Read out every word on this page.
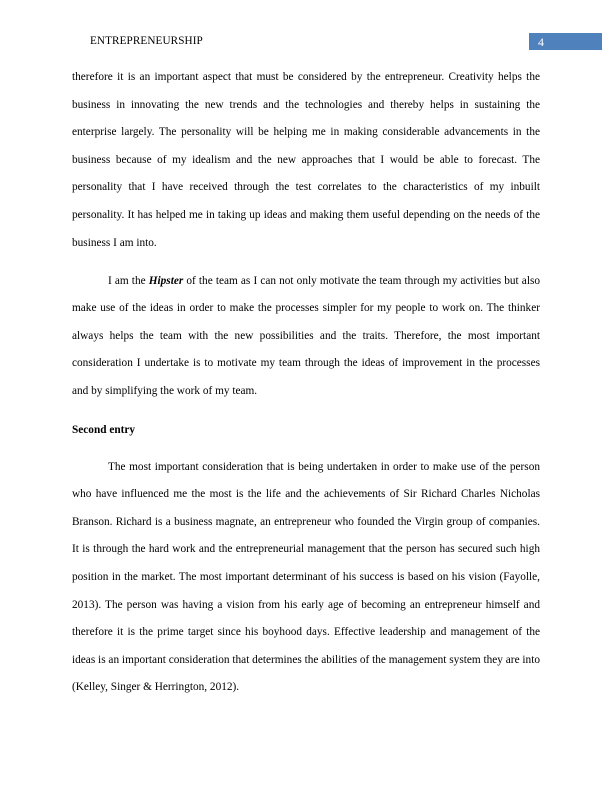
ENTREPRENEURSHIP	4

therefore it is an important aspect that must be considered by the entrepreneur. Creativity helps the business in innovating the new trends and the technologies and thereby helps in sustaining the enterprise largely. The personality will be helping me in making considerable advancements in the business because of my idealism and the new approaches that I would be able to forecast. The personality that I have received through the test correlates to the characteristics of my inbuilt personality. It has helped me in taking up ideas and making them useful depending on the needs of the business I am into.

I am the Hipster of the team as I can not only motivate the team through my activities but also make use of the ideas in order to make the processes simpler for my people to work on. The thinker always helps the team with the new possibilities and the traits. Therefore, the most important consideration I undertake is to motivate my team through the ideas of improvement in the processes and by simplifying the work of my team.

Second entry

The most important consideration that is being undertaken in order to make use of the person who have influenced me the most is the life and the achievements of Sir Richard Charles Nicholas Branson. Richard is a business magnate, an entrepreneur who founded the Virgin group of companies. It is through the hard work and the entrepreneurial management that the person has secured such high position in the market. The most important determinant of his success is based on his vision (Fayolle, 2013). The person was having a vision from his early age of becoming an entrepreneur himself and therefore it is the prime target since his boyhood days. Effective leadership and management of the ideas is an important consideration that determines the abilities of the management system they are into (Kelley, Singer & Herrington, 2012).
